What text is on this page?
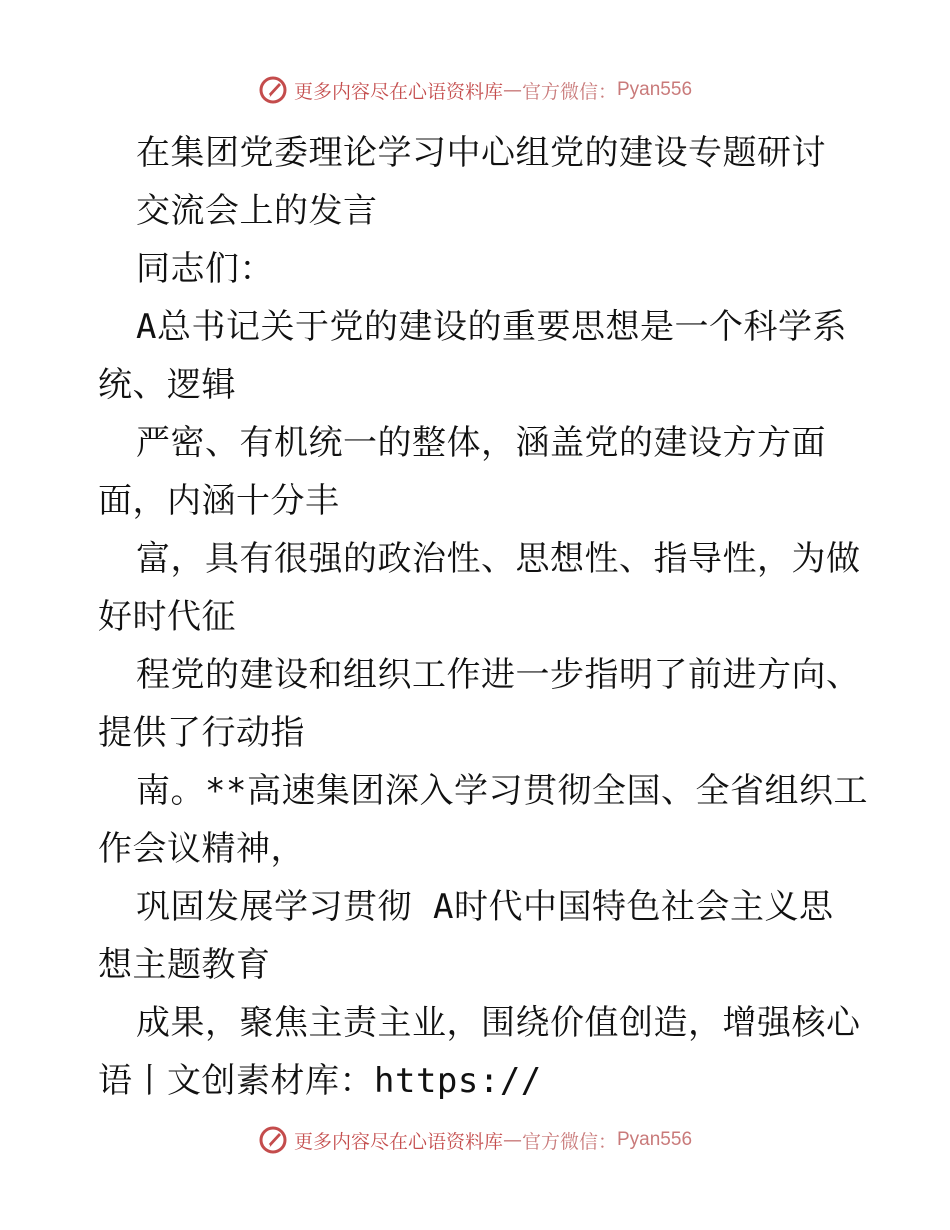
更多内容尽在心语资料库 — 官方微信： Pyan556
在集团党委理论学习中心组党的建设专题研讨
交流会上的发言
同志们：
A总书记关于党的建设的重要思想是一个科学系
统、逻辑
严密、有机统一的整体，涵盖党的建设方方面
面，内涵十分丰
富，具有很强的政治性、思想性、指导性，为做
好时代征
程党的建设和组织工作进一步指明了前进方向、
提供了行动指
南。**高速集团深入学习贯彻全国、全省组织工
作会议精神，
巩固发展学习贯彻 A时代中国特色社会主义思
想主题教育
成果，聚焦主责主业，围绕价值创造，增强核心
语丨文创素材库：https://
更多内容尽在心语资料库 — 官方微信： Pyan556
